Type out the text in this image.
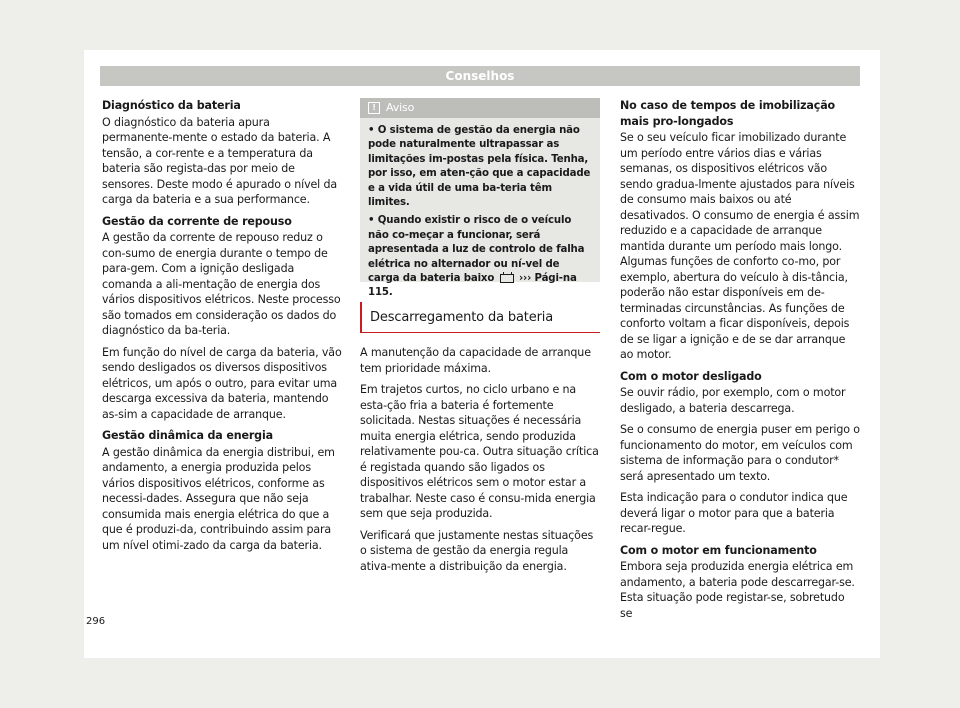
Conselhos
Diagnóstico da bateria

O diagnóstico da bateria apura permanente-mente o estado da bateria. A tensão, a cor-rente e a temperatura da bateria são regista-das por meio de sensores. Deste modo é apurado o nível da carga da bateria e a sua performance.

Gestão da corrente de repouso

A gestão da corrente de repouso reduz o con-sumo de energia durante o tempo de para-gem. Com a ignição desligada comanda a ali-mentação de energia dos vários dispositivos elétricos. Neste processo são tomados em consideração os dados do diagnóstico da ba-teria.

Em função do nível de carga da bateria, vão sendo desligados os diversos dispositivos elétricos, um após o outro, para evitar uma descarga excessiva da bateria, mantendo as-sim a capacidade de arranque.

Gestão dinâmica da energia

A gestão dinâmica da energia distribui, em andamento, a energia produzida pelos vários dispositivos elétricos, conforme as necessi-dades. Assegura que não seja consumida mais energia elétrica do que a que é produzi-da, contribuindo assim para um nível otimi-zado da carga da bateria.

! Aviso
• O sistema de gestão da energia não pode naturalmente ultrapassar as limitações im-postas pela física. Tenha, por isso, em aten-ção que a capacidade e a vida útil de uma ba-teria têm limites.
• Quando existir o risco de o veículo não co-meçar a funcionar, será apresentada a luz de controlo de falha elétrica no alternador ou ní-vel de carga da bateria baixo ››› Pági-na 115.
Descarregamento da bateria

A manutenção da capacidade de arranque tem prioridade máxima.

Em trajetos curtos, no ciclo urbano e na esta-ção fria a bateria é fortemente solicitada. Nestas situações é necessária muita energia elétrica, sendo produzida relativamente pou-ca. Outra situação crítica é registada quando são ligados os dispositivos elétricos sem o motor estar a trabalhar. Neste caso é consu-mida energia sem que seja produzida.

Verificará que justamente nestas situações o sistema de gestão da energia regula ativa-mente a distribuição da energia.

No caso de tempos de imobilização mais pro-longados

Se o seu veículo ficar imobilizado durante um período entre vários dias e várias semanas, os dispositivos elétricos vão sendo gradua-lmente ajustados para níveis de consumo mais baixos ou até desativados. O consumo de energia é assim reduzido e a capacidade de arranque mantida durante um período mais longo. Algumas funções de conforto co-mo, por exemplo, abertura do veículo à dis-tância, poderão não estar disponíveis em de-terminadas circunstâncias. As funções de conforto voltam a ficar disponíveis, depois de se ligar a ignição e de se dar arranque ao motor.

Com o motor desligado

Se ouvir rádio, por exemplo, com o motor desligado, a bateria descarrega.

Se o consumo de energia puser em perigo o funcionamento do motor, em veículos com sistema de informação para o condutor* será apresentado um texto.

Esta indicação para o condutor indica que deverá ligar o motor para que a bateria recar-regue.

Com o motor em funcionamento

Embora seja produzida energia elétrica em andamento, a bateria pode descarregar-se. Esta situação pode registar-se, sobretudo se

296
